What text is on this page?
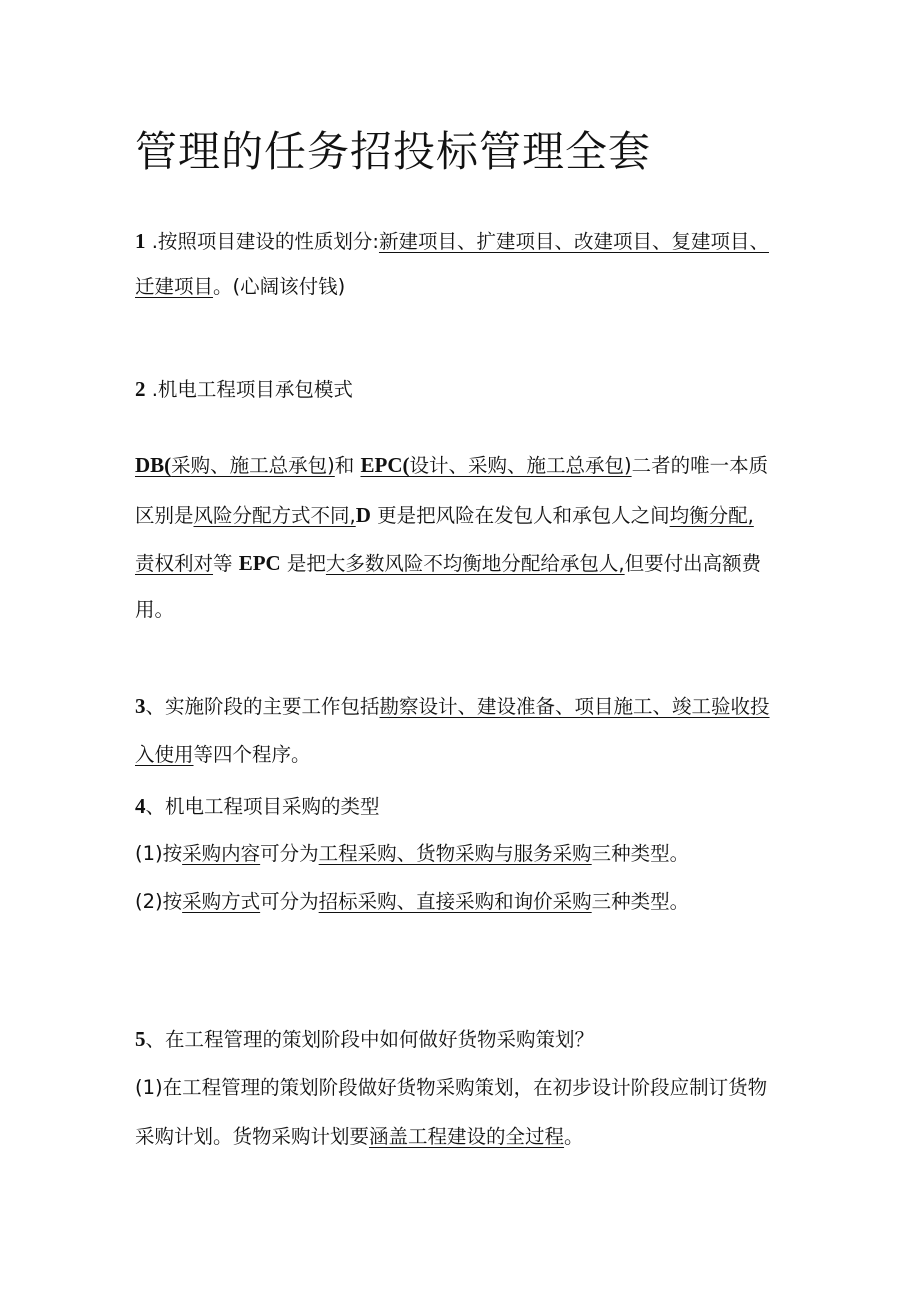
管理的任务招投标管理全套
1 .按照项目建设的性质划分:新建项目、扩建项目、改建项目、复建项目、
迁建项目。(心阔该付钱)
2 .机电工程项目承包模式
DB(采购、施工总承包)和 EPC(设计、采购、施工总承包)二者的唯一本质
区别是风险分配方式不同,D 更是把风险在发包人和承包人之间均衡分配,
责权利对等 EPC 是把大多数风险不均衡地分配给承包人,但要付出高额费
用。
3、实施阶段的主要工作包括勘察设计、建设准备、项目施工、竣工验收投
入使用等四个程序。
4、机电工程项目采购的类型
(1)按采购内容可分为工程采购、货物采购与服务采购三种类型。
(2)按采购方式可分为招标采购、直接采购和询价采购三种类型。
5、在工程管理的策划阶段中如何做好货物采购策划？
(1)在工程管理的策划阶段做好货物采购策划，在初步设计阶段应制订货物
采购计划。货物采购计划要涵盖工程建设的全过程。
